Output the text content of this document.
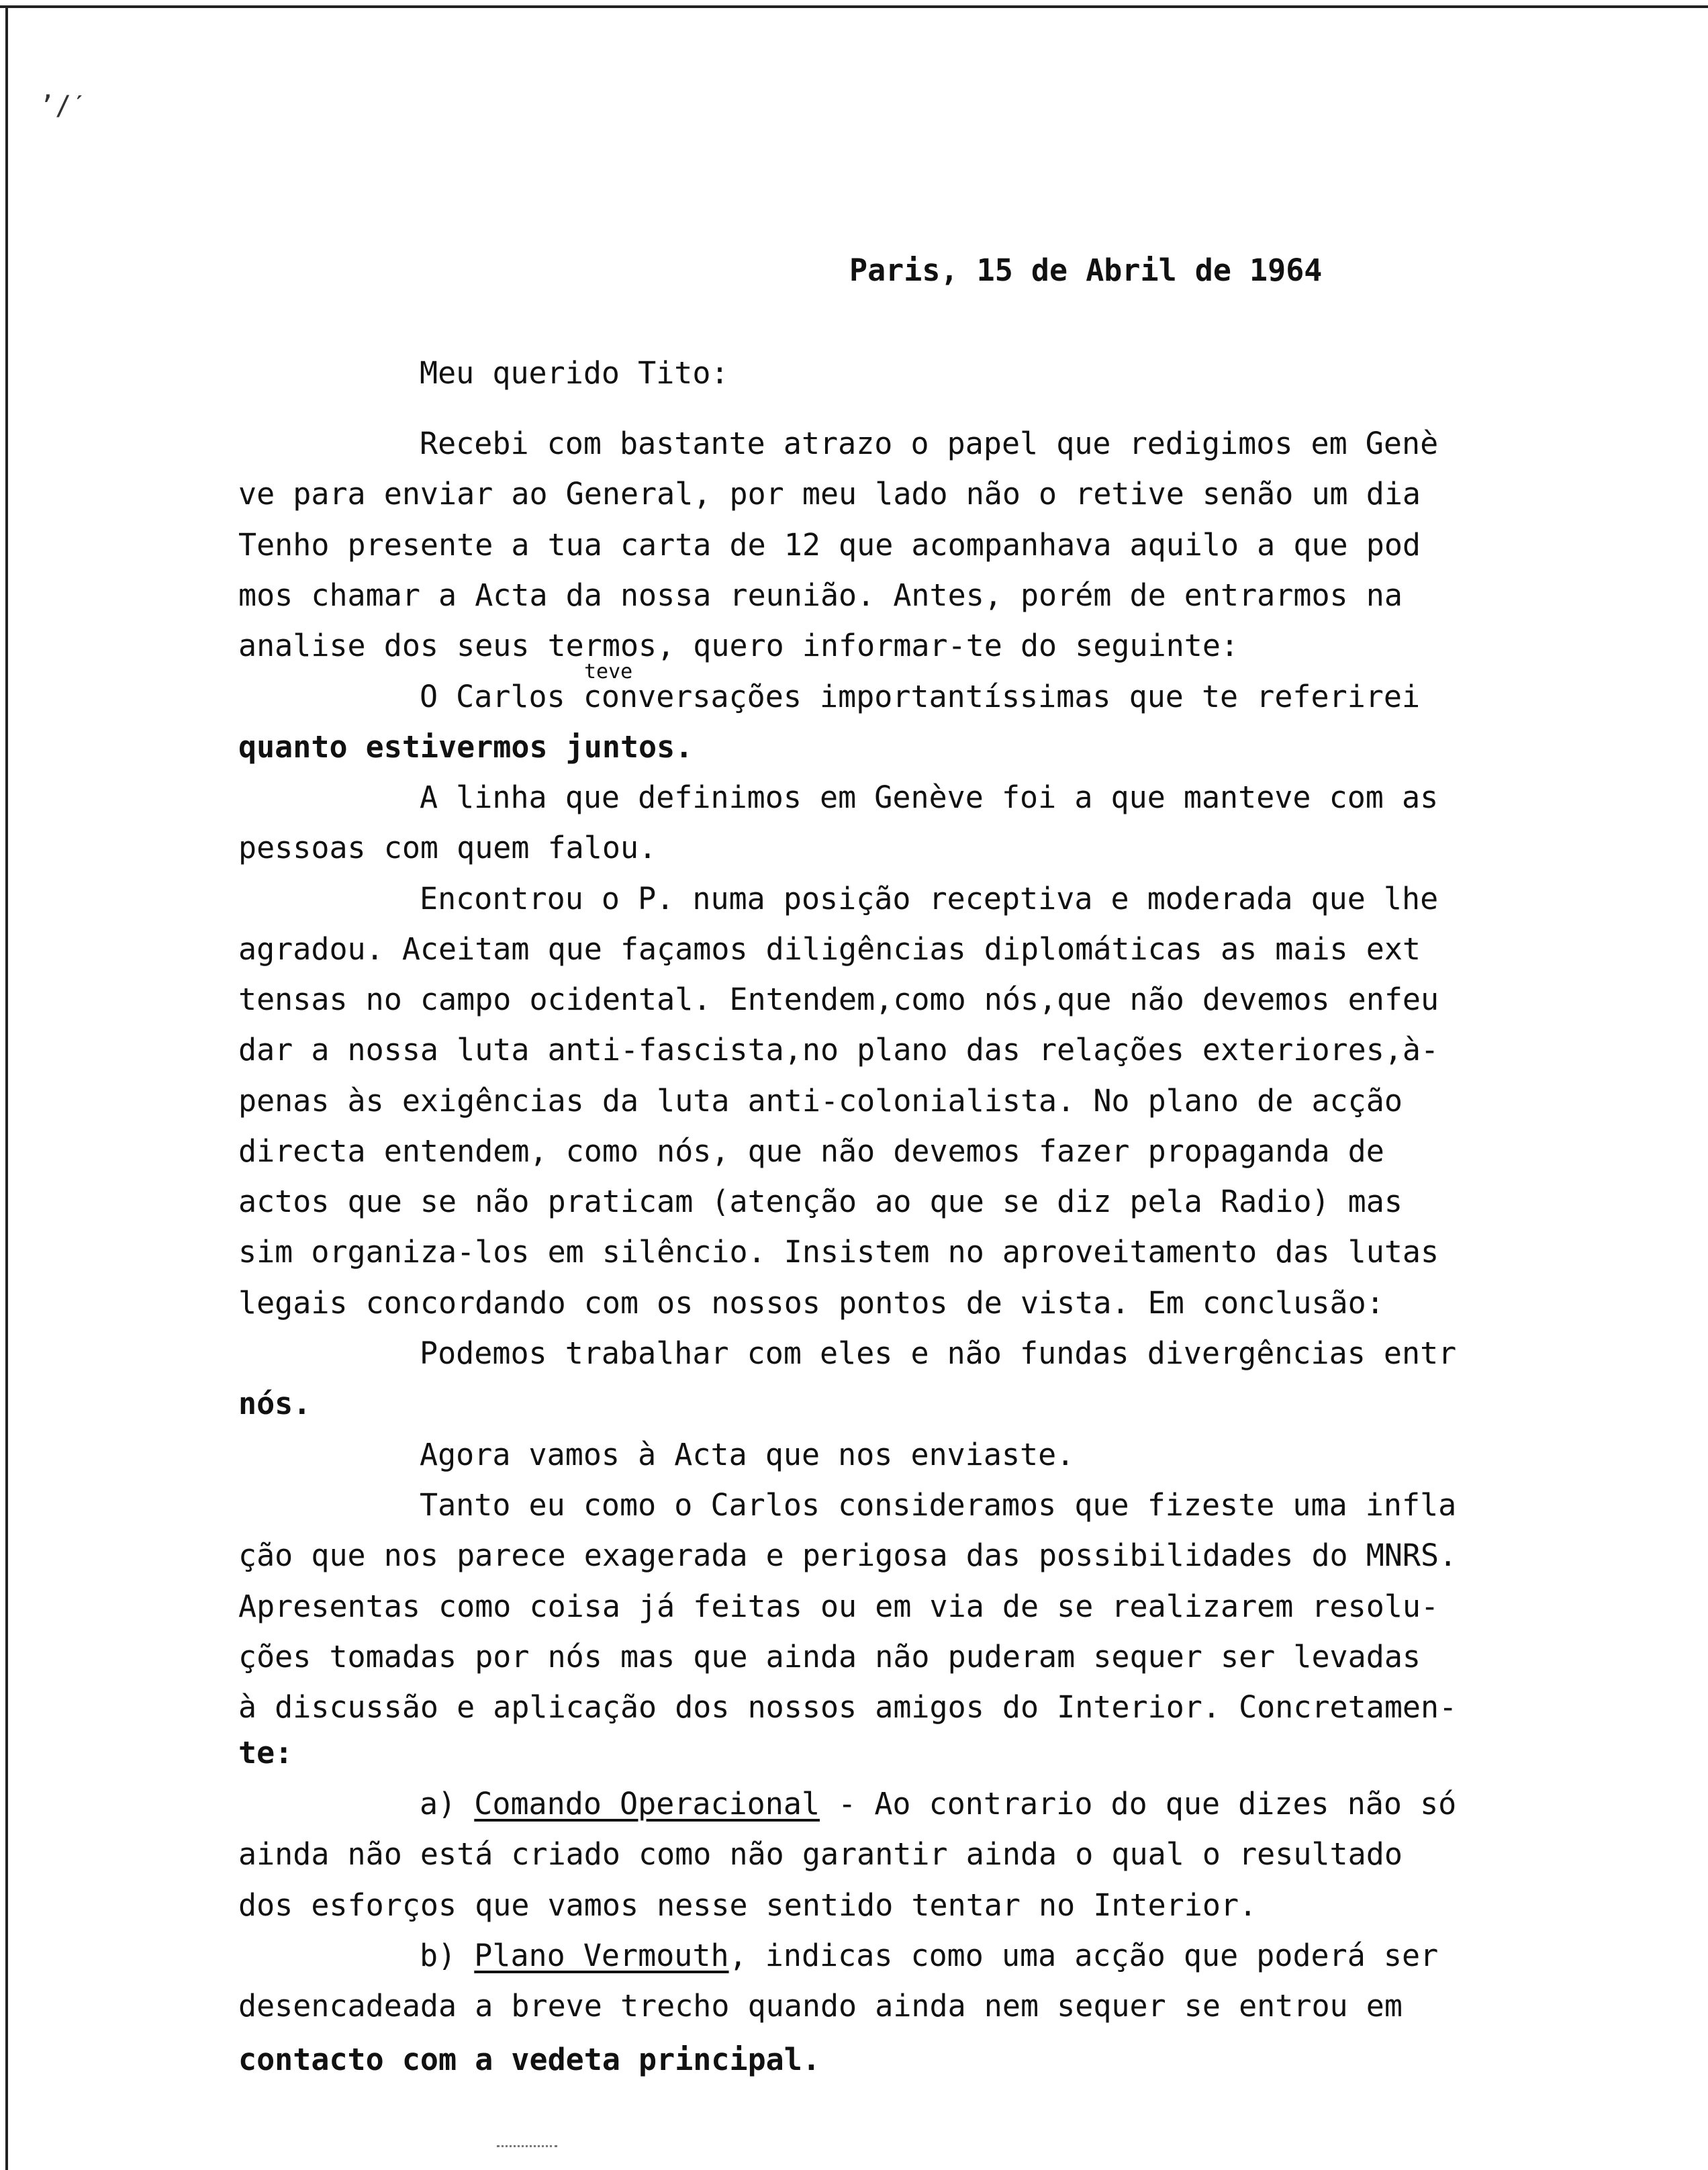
ʼ/ˊ
Paris, 15 de Abril de 1964
Meu querido Tito:
Recebi com bastante atrazo o papel que redigimos em Genè
ve para enviar ao General, por meu lado não o retive senão um dia
Tenho presente a tua carta de 12 que acompanhava aquilo a que pod
mos chamar a Acta da nossa reunião. Antes, porém de entrarmos na
analise dos seus termos, quero informar-te do seguinte:
teve
O Carlos conversações importantíssimas que te referirei
quanto estivermos juntos.
A linha que definimos em Genève foi a que manteve com as
pessoas com quem falou.
Encontrou o P. numa posição receptiva e moderada que lhe
agradou. Aceitam que façamos diligências diplomáticas as mais ext
tensas no campo ocidental. Entendem,como nós,que não devemos enfeu
dar a nossa luta anti-fascista,no plano das relações exteriores,à-
penas às exigências da luta anti-colonialista. No plano de acção
directa entendem, como nós, que não devemos fazer propaganda de
actos que se não praticam (atenção ao que se diz pela Radio) mas
sim organiza-los em silêncio. Insistem no aproveitamento das lutas
legais concordando com os nossos pontos de vista. Em conclusão:
Podemos trabalhar com eles e não fundas divergências entr
nós.
Agora vamos à Acta que nos enviaste.
Tanto eu como o Carlos consideramos que fizeste uma infla
ção que nos parece exagerada e perigosa das possibilidades do MNRS.
Apresentas como coisa já feitas ou em via de se realizarem resolu-
ções tomadas por nós mas que ainda não puderam sequer ser levadas
à discussão e aplicação dos nossos amigos do Interior. Concretamen-
te:
a) Comando Operacional - Ao contrario do que dizes não só
ainda não está criado como não garantir ainda o qual o resultado
dos esforços que vamos nesse sentido tentar no Interior.
b) Plano Vermouth, indicas como uma acção que poderá ser
desencadeada a breve trecho quando ainda nem sequer se entrou em
contacto com a vedeta principal.
